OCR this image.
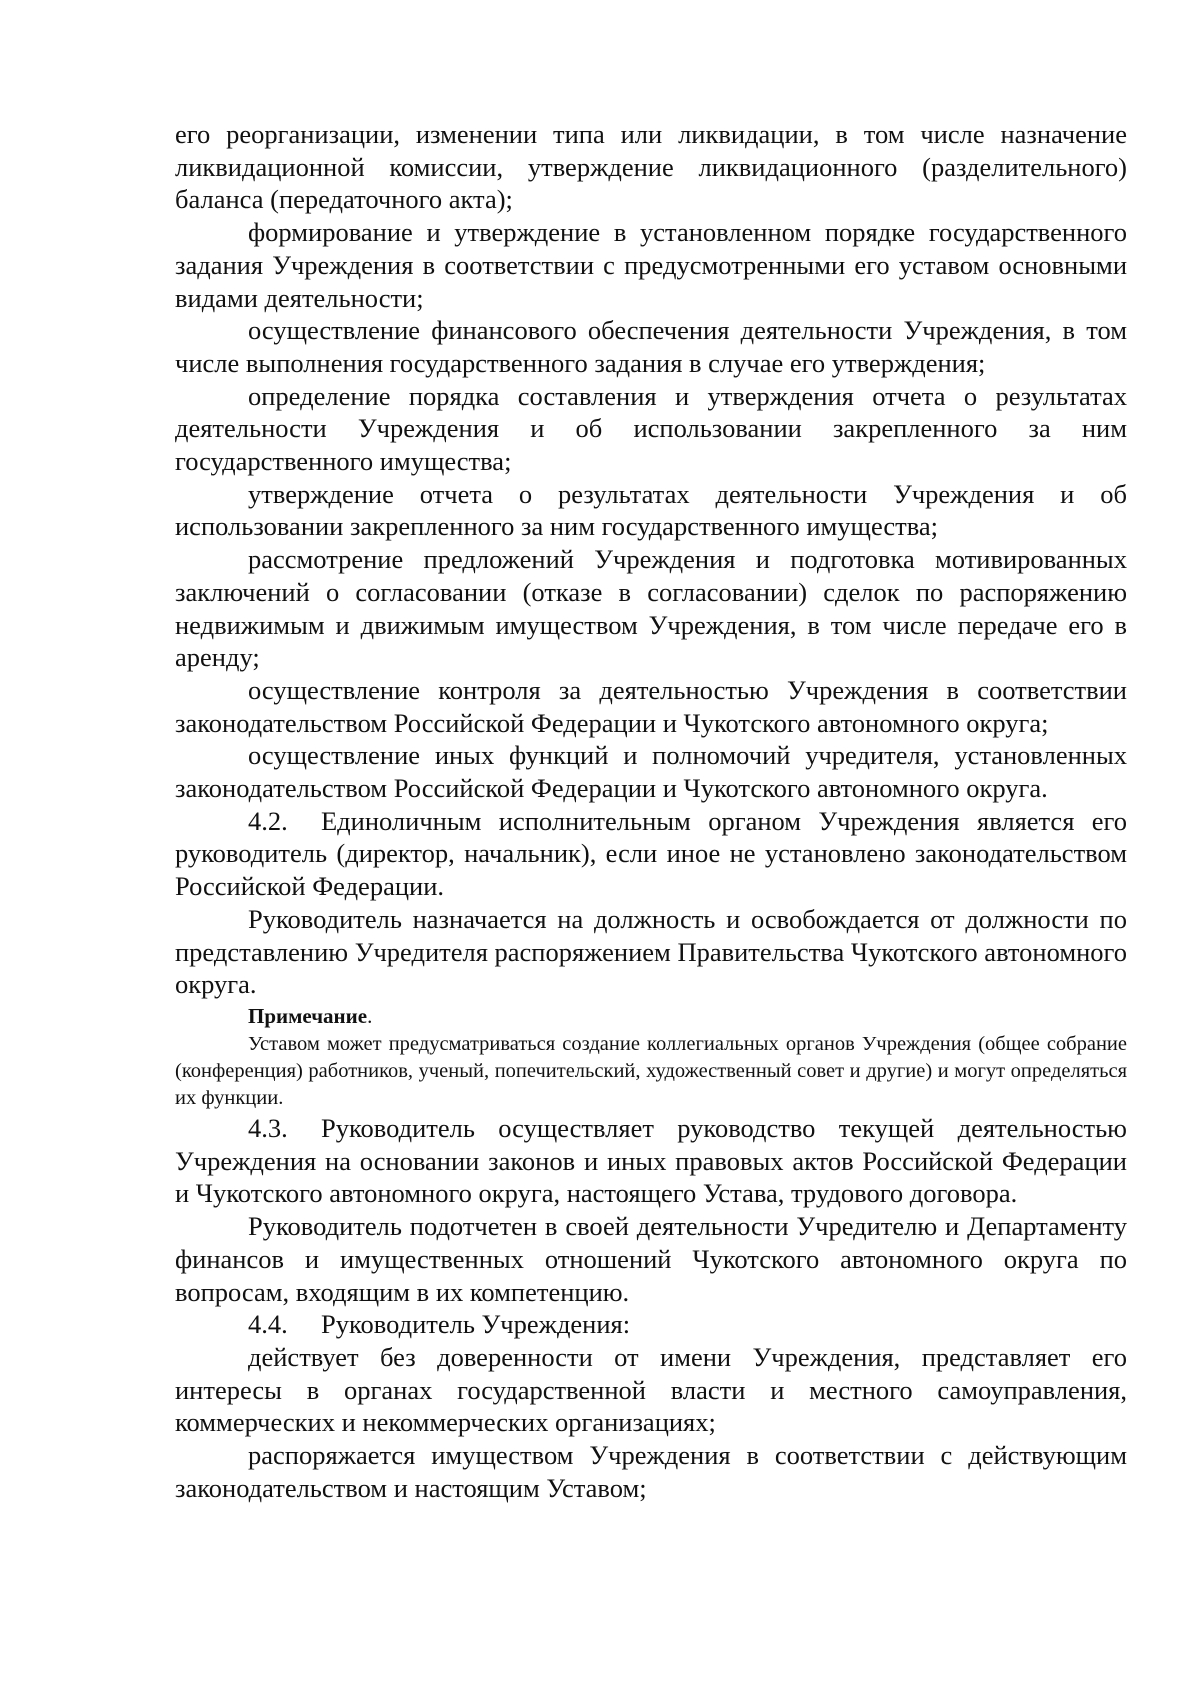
его реорганизации, изменении типа или ликвидации, в том числе назначение ликвидационной комиссии, утверждение ликвидационного (разделительного) баланса (передаточного акта);

формирование и утверждение в установленном порядке государственного задания Учреждения в соответствии с предусмотренными его уставом основными видами деятельности;

осуществление финансового обеспечения деятельности Учреждения, в том числе выполнения государственного задания в случае его утверждения;

определение порядка составления и утверждения отчета о результатах деятельности Учреждения и об использовании закрепленного за ним государственного имущества;

утверждение отчета о результатах деятельности Учреждения и об использовании закрепленного за ним государственного имущества;

рассмотрение предложений Учреждения и подготовка мотивированных заключений о согласовании (отказе в согласовании) сделок по распоряжению недвижимым и движимым имуществом Учреждения, в том числе передаче его в аренду;

осуществление контроля за деятельностью Учреждения в соответствии законодательством Российской Федерации и Чукотского автономного округа;

осуществление иных функций и полномочий учредителя, установленных законодательством Российской Федерации и Чукотского автономного округа.

4.2. Единоличным исполнительным органом Учреждения является его руководитель (директор, начальник), если иное не установлено законодательством Российской Федерации.

Руководитель назначается на должность и освобождается от должности по представлению Учредителя распоряжением Правительства Чукотского автономного округа.

Примечание.

Уставом может предусматриваться создание коллегиальных органов Учреждения (общее собрание (конференция) работников, ученый, попечительский, художественный совет и другие) и могут определяться их функции.

4.3. Руководитель осуществляет руководство текущей деятельностью Учреждения на основании законов и иных правовых актов Российской Федерации и Чукотского автономного округа, настоящего Устава, трудового договора.

Руководитель подотчетен в своей деятельности Учредителю и Департаменту финансов и имущественных отношений Чукотского автономного округа по вопросам, входящим в их компетенцию.

4.4. Руководитель Учреждения:

действует без доверенности от имени Учреждения, представляет его интересы в органах государственной власти и местного самоуправления, коммерческих и некоммерческих организациях;

распоряжается имуществом Учреждения в соответствии с действующим законодательством и настоящим Уставом;
